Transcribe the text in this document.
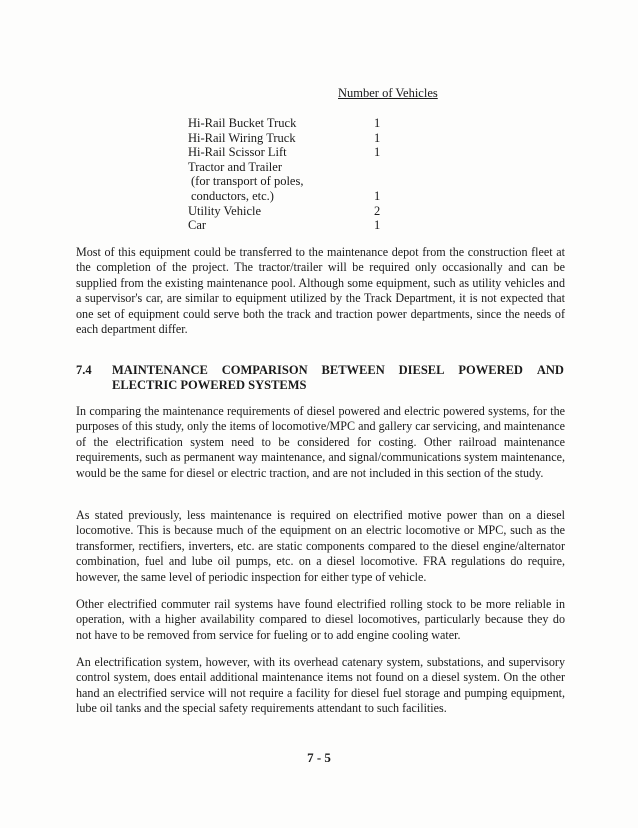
Number of Vehicles
Hi-Rail Bucket Truck	1
Hi-Rail Wiring Truck	1
Hi-Rail Scissor Lift	1
Tractor and Trailer
(for transport of poles,
conductors, etc.)	1
Utility Vehicle	2
Car	1

Most of this equipment could be transferred to the maintenance depot from the construction fleet at the completion of the project. The tractor/trailer will be required only occasionally and can be supplied from the existing maintenance pool. Although some equipment, such as utility vehicles and a supervisor's car, are similar to equipment utilized by the Track Department, it is not expected that one set of equipment could serve both the track and traction power departments, since the needs of each department differ.

7.4 MAINTENANCE COMPARISON BETWEEN DIESEL POWERED AND
ELECTRIC POWERED SYSTEMS

In comparing the maintenance requirements of diesel powered and electric powered systems, for the purposes of this study, only the items of locomotive/MPC and gallery car servicing, and maintenance of the electrification system need to be considered for costing. Other railroad maintenance requirements, such as permanent way maintenance, and signal/communications system maintenance, would be the same for diesel or electric traction, and are not included in this section of the study.

As stated previously, less maintenance is required on electrified motive power than on a diesel locomotive. This is because much of the equipment on an electric locomotive or MPC, such as the transformer, rectifiers, inverters, etc. are static components compared to the diesel engine/alternator combination, fuel and lube oil pumps, etc. on a diesel locomotive. FRA regulations do require, however, the same level of periodic inspection for either type of vehicle.

Other electrified commuter rail systems have found electrified rolling stock to be more reliable in operation, with a higher availability compared to diesel locomotives, particularly because they do not have to be removed from service for fueling or to add engine cooling water.

An electrification system, however, with its overhead catenary system, substations, and supervisory control system, does entail additional maintenance items not found on a diesel system. On the other hand an electrified service will not require a facility for diesel fuel storage and pumping equipment, lube oil tanks and the special safety requirements attendant to such facilities.

7 - 5
